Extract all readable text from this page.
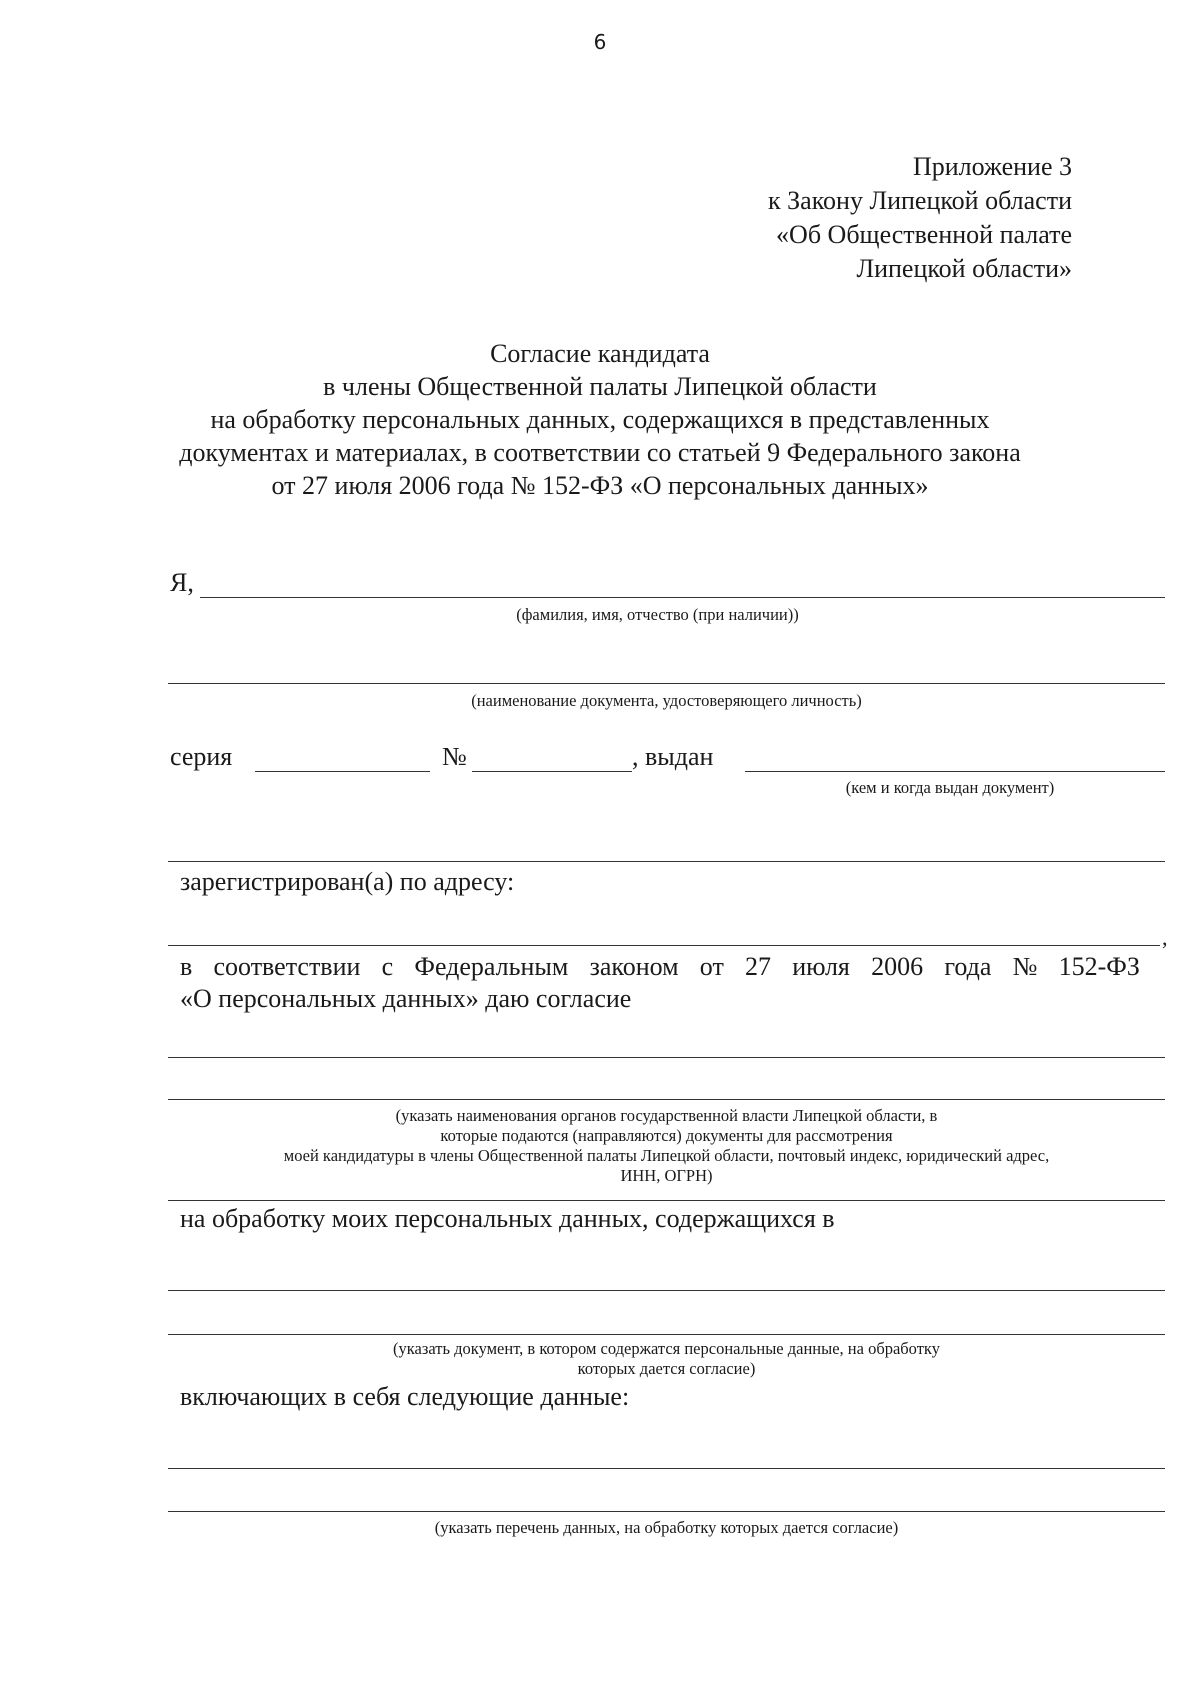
6
Приложение 3
к Закону Липецкой области
«Об Общественной палате
Липецкой области»
Согласие кандидата
в члены Общественной палаты Липецкой области
на обработку персональных данных, содержащихся в представленных
документах и материалах, в соответствии со статьей 9 Федерального закона
от 27 июля 2006 года № 152-ФЗ «О персональных данных»
Я,
(фамилия, имя, отчество (при наличии))
(наименование документа, удостоверяющего личность)
серия	№	, выдан
(кем и когда выдан документ)
зарегистрирован(а) по адресу:
,
в соответствии с Федеральным законом от 27 июля 2006 года № 152-ФЗ
«О персональных данных» даю согласие
(указать наименования органов государственной власти Липецкой области, в
которые подаются (направляются) документы для рассмотрения
моей кандидатуры в члены Общественной палаты Липецкой области, почтовый индекс, юридический адрес,
ИНН, ОГРН)
на обработку моих персональных данных, содержащихся в
(указать документ, в котором содержатся персональные данные, на обработку
которых дается согласие)
включающих в себя следующие данные:
(указать перечень данных, на обработку которых дается согласие)
